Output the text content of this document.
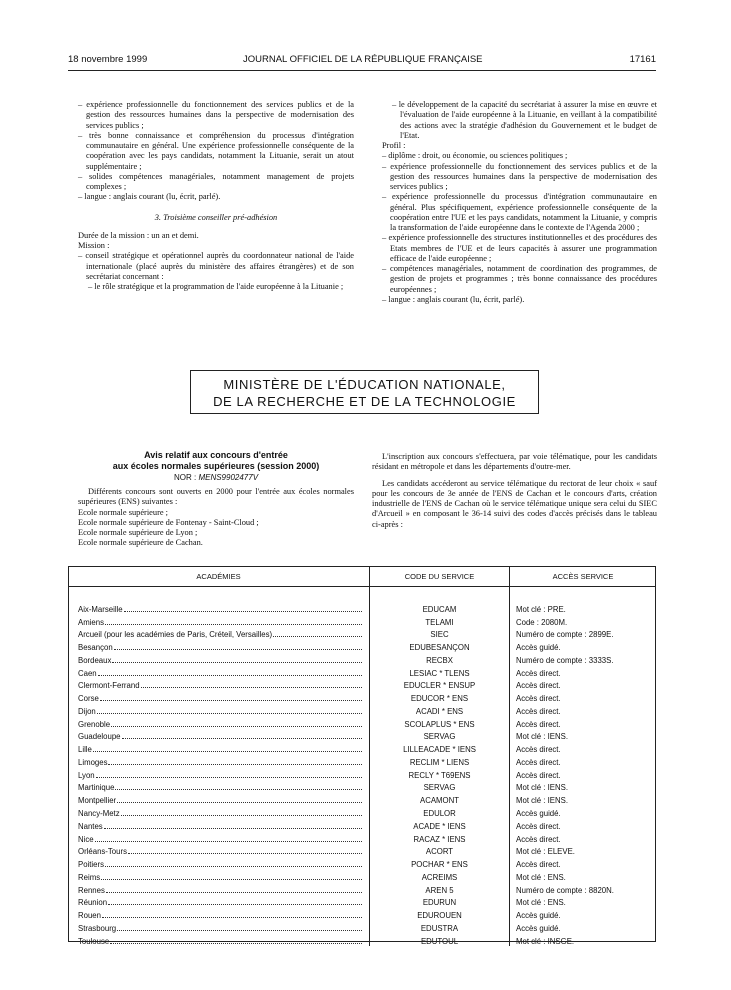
18 novembre 1999	JOURNAL OFFICIEL DE LA RÉPUBLIQUE FRANÇAISE	17161

– expérience professionnelle du fonctionnement des services publics et de la gestion des ressources humaines dans la perspective de modernisation des services publics ;

– très bonne connaissance et compréhension du processus d'intégration communautaire en général. Une expérience professionnelle conséquente de la coopération avec les pays candidats, notamment la Lituanie, serait un atout supplémentaire ;

– solides compétences managériales, notamment management de projets complexes ;

– langue : anglais courant (lu, écrit, parlé).

3. Troisième conseiller pré-adhésion

Durée de la mission : un an et demi.

Mission :

– conseil stratégique et opérationnel auprès du coordonnateur national de l'aide internationale (placé auprès du ministère des affaires étrangères) et de son secrétariat concernant :

– le rôle stratégique et la programmation de l'aide européenne à la Lituanie ;

– le développement de la capacité du secrétariat à assurer la mise en œuvre et l'évaluation de l'aide européenne à la Lituanie, en veillant à la compatibilité des actions avec la stratégie d'adhésion du Gouvernement et le budget de l'Etat.

Profil :

– diplôme : droit, ou économie, ou sciences politiques ;

– expérience professionnelle du fonctionnement des services publics et de la gestion des ressources humaines dans la perspective de modernisation des services publics ;

– expérience professionnelle du processus d'intégration communautaire en général. Plus spécifiquement, expérience professionnelle conséquente de la coopération entre l'UE et les pays candidats, notamment la Lituanie, y compris la transformation de l'aide européenne dans le contexte de l'Agenda 2000 ;

– expérience professionnelle des structures institutionnelles et des procédures des Etats membres de l'UE et de leurs capacités à assurer une programmation efficace de l'aide européenne ;

– compétences managériales, notamment de coordination des programmes, de gestion de projets et programmes ; très bonne connaissance des procédures européennes ;

– langue : anglais courant (lu, écrit, parlé).

MINISTÈRE DE L'ÉDUCATION NATIONALE,
DE LA RECHERCHE ET DE LA TECHNOLOGIE
Avis relatif aux concours d'entrée
aux écoles normales supérieures (session 2000)
NOR : MENS9902477V

Différents concours sont ouverts en 2000 pour l'entrée aux écoles normales supérieures (ENS) suivantes :

Ecole normale supérieure ;

Ecole normale supérieure de Fontenay - Saint-Cloud ;

Ecole normale supérieure de Lyon ;

Ecole normale supérieure de Cachan.

L'inscription aux concours s'effectuera, par voie télématique, pour les candidats résidant en métropole et dans les départements d'outre-mer.

Les candidats accéderont au service télématique du rectorat de leur choix « sauf pour les concours de 3e année de l'ENS de Cachan et le concours d'arts, création industrielle de l'ENS de Cachan où le service télématique unique sera celui du SIEC d'Arcueil » en composant le 36-14 suivi des codes d'accès précisés dans le tableau ci-après :

ACADÉMIES	CODE DU SERVICE	ACCÈS SERVICE

Aix-Marseille	EDUCAM	Mot clé : PRE.

Amiens	TELAMI	Code : 2080M.

Arcueil (pour les académies de Paris, Créteil, Versailles)	SIEC	Numéro de compte : 2899E.

Besançon	EDUBESANÇON	Accès guidé.

Bordeaux	RECBX	Numéro de compte : 3333S.

Caen	LESIAC * TLENS	Accès direct.

Clermont-Ferrand	EDUCLER * ENSUP	Accès direct.

Corse	EDUCOR * ENS	Accès direct.

Dijon	ACADI * ENS	Accès direct.

Grenoble	SCOLAPLUS * ENS	Accès direct.

Guadeloupe	SERVAG	Mot clé : IENS.

Lille	LILLEACADE * IENS	Accès direct.

Limoges	RECLIM * LIENS	Accès direct.

Lyon	RECLY * T69ENS	Accès direct.

Martinique	SERVAG	Mot clé : IENS.

Montpellier	ACAMONT	Mot clé : IENS.

Nancy-Metz	EDULOR	Accès guidé.

Nantes	ACADE * IENS	Accès direct.

Nice	RACAZ * IENS	Accès direct.

Orléans-Tours	ACORT	Mot clé : ELEVE.

Poitiers	POCHAR * ENS	Accès direct.

Reims	ACREIMS	Mot clé : ENS.

Rennes	AREN 5	Numéro de compte : 8820N.

Réunion	EDURUN	Mot clé : ENS.

Rouen	EDUROUEN	Accès guidé.

Strasbourg	EDUSTRA	Accès guidé.

Toulouse	EDUTOUL	Mot clé : INSGE.
